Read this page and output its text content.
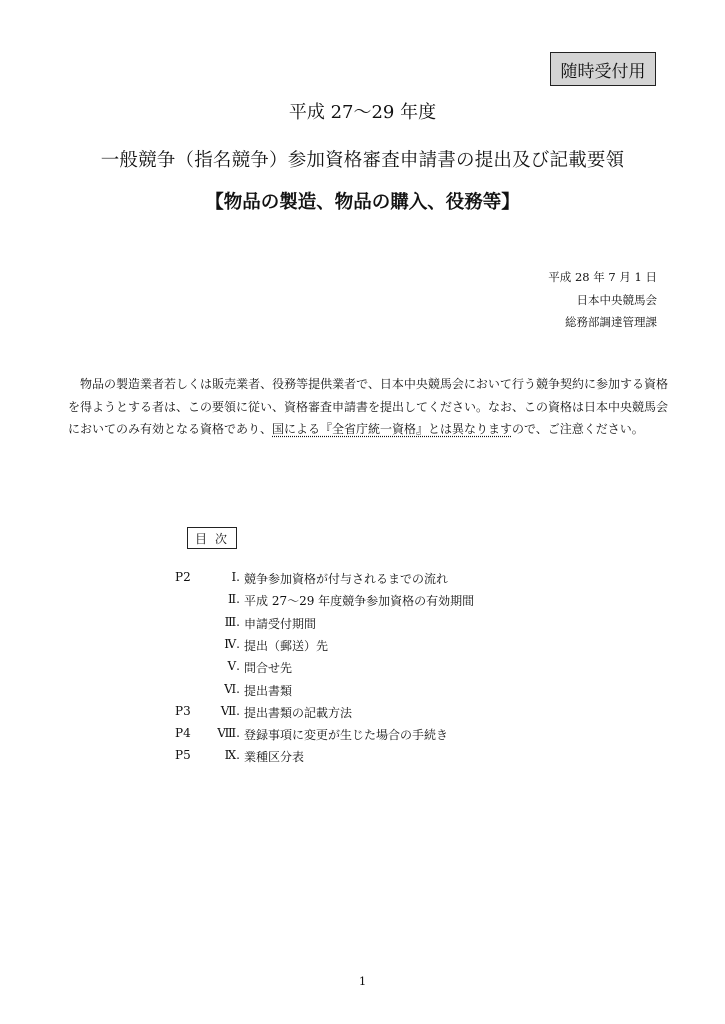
随時受付用
平成 27～29 年度
一般競争（指名競争）参加資格審査申請書の提出及び記載要領
【物品の製造、物品の購入、役務等】
平成 28 年 7 月 1 日
日本中央競馬会
総務部調達管理課
　物品の製造業者若しくは販売業者、役務等提供業者で、日本中央競馬会において行う競争契約に参加する資格を得ようとする者は、この要領に従い、資格審査申請書を提出してください。なお、この資格は日本中央競馬会においてのみ有効となる資格であり、国による『全省庁統一資格』とは異なりますので、ご注意ください。
目次
P2	Ⅰ. 競争参加資格が付与されるまでの流れ
Ⅱ. 平成 27～29 年度競争参加資格の有効期間
Ⅲ. 申請受付期間
Ⅳ. 提出（郵送）先
Ⅴ. 問合せ先
Ⅵ. 提出書類
P3	Ⅶ. 提出書類の記載方法
P4	Ⅷ. 登録事項に変更が生じた場合の手続き
P5	Ⅸ. 業種区分表
1
